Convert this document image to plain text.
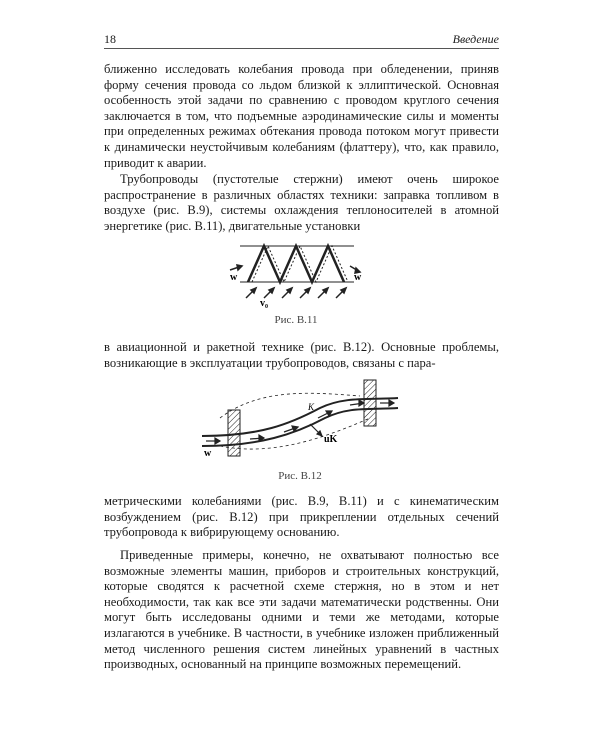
18	Введение

ближенно исследовать колебания провода при обледенении, приняв форму сечения провода со льдом близкой к эллиптической. Основная особенность этой задачи по сравнению с проводом круглого сечения заключается в том, что подъемные аэродинамические силы и моменты при определенных режимах обтекания провода потоком могут привести к динамически неустойчивым колебаниям (флаттеру), что, как правило, приводит к аварии.

Трубопроводы (пустотелые стержни) имеют очень широкое распространение в различных областях техники: заправка топливом в воздухе (рис. В.9), системы охлаждения теплоносителей в атомной энергетике (рис. В.11), двигательные установки

w	w
v₀
Рис. В.11

в авиационной и ракетной технике (рис. В.12). Основные проблемы, возникающие в эксплуатации трубопроводов, связаны с пара-

w
K
uK
Рис. В.12

метрическими колебаниями (рис. В.9, В.11) и с кинематическим возбуждением (рис. В.12) при прикреплении отдельных сечений трубопровода к вибрирующему основанию.

Приведенные примеры, конечно, не охватывают полностью все возможные элементы машин, приборов и строительных конструкций, которые сводятся к расчетной схеме стержня, но в этом и нет необходимости, так как все эти задачи математически родственны. Они могут быть исследованы одними и теми же методами, которые излагаются в учебнике. В частности, в учебнике изложен приближенный метод численного решения систем линейных уравнений в частных производных, основанный на принципе возможных перемещений.
